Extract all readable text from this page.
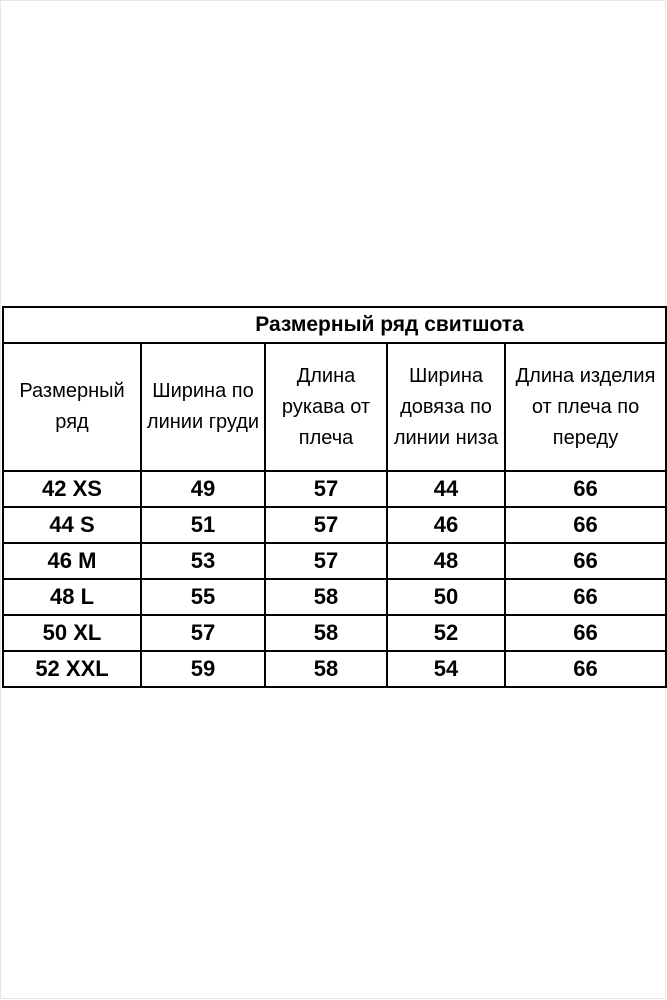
Размерный ряд свитшота				
Размерный ряд	Ширина по линии груди	Длина рукава от плеча	Ширина довяза по линии низа	Длина изделия от плеча по переду
42 XS	49	57	44	66
44 S	51	57	46	66
46 M	53	57	48	66
48 L	55	58	50	66
50 XL	57	58	52	66
52 XXL	59	58	54	66
